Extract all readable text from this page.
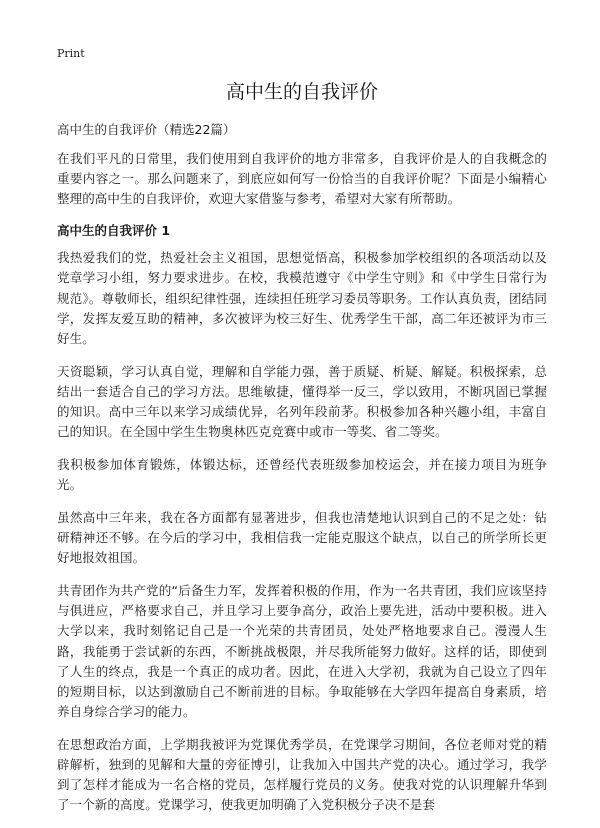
Print
高中生的自我评价
高中生的自我评价（精选22篇）

在我们平凡的日常里，我们使用到自我评价的地方非常多，自我评价是人的自我概念的重要内容之一。那么问题来了，到底应如何写一份恰当的自我评价呢？下面是小编精心整理的高中生的自我评价，欢迎大家借鉴与参考，希望对大家有所帮助。

高中生的自我评价 1

我热爱我们的党，热爱社会主义祖国，思想觉悟高，积极参加学校组织的各项活动以及党章学习小组，努力要求进步。在校，我模范遵守《中学生守则》和《中学生日常行为规范》。尊敬师长，组织纪律性强，连续担任班学习委员等职务。工作认真负责，团结同学，发挥友爱互助的精神，多次被评为校三好生、优秀学生干部，高二年还被评为市三好生。

天资聪颖，学习认真自觉，理解和自学能力强，善于质疑、析疑、解疑。积极探索，总结出一套适合自己的学习方法。思维敏捷，懂得举一反三，学以致用，不断巩固已掌握的知识。高中三年以来学习成绩优异，名列年段前茅。积极参加各种兴趣小组，丰富自己的知识。在全国中学生生物奥林匹克竞赛中或市一等奖、省二等奖。

我积极参加体育锻炼，体锻达标，还曾经代表班级参加校运会，并在接力项目为班争光。

虽然高中三年来，我在各方面都有显著进步，但我也清楚地认识到自己的不足之处：钻研精神还不够。在今后的学习中，我相信我一定能克服这个缺点，以自己的所学所长更好地报效祖国。

共青团作为共产党的“后备生力军，发挥着积极的作用，作为一名共青团，我们应该坚持与俱进应，严格要求自己，并且学习上要争高分，政治上要先进，活动中要积极。进入大学以来，我时刻铭记自己是一个光荣的共青团员，处处严格地要求自己。漫漫人生路，我能勇于尝试新的东西，不断挑战极限，并尽我所能努力做好。这样的话，即使到了人生的终点，我是一个真正的成功者。因此，在进入大学初，我就为自己设立了四年的短期目标，以达到激励自己不断前进的目标。争取能够在大学四年提高自身素质，培养自身综合学习的能力。

在思想政治方面，上学期我被评为党课优秀学员，在党课学习期间，各位老师对党的精辟解析，独到的见解和大量的旁征博引，让我加入中国共产党的决心。通过学习，我学到了怎样才能成为一名合格的党员，怎样履行党员的义务。使我对党的认识理解升华到了一个新的高度。党课学习，使我更加明确了入党积极分子决不是套
